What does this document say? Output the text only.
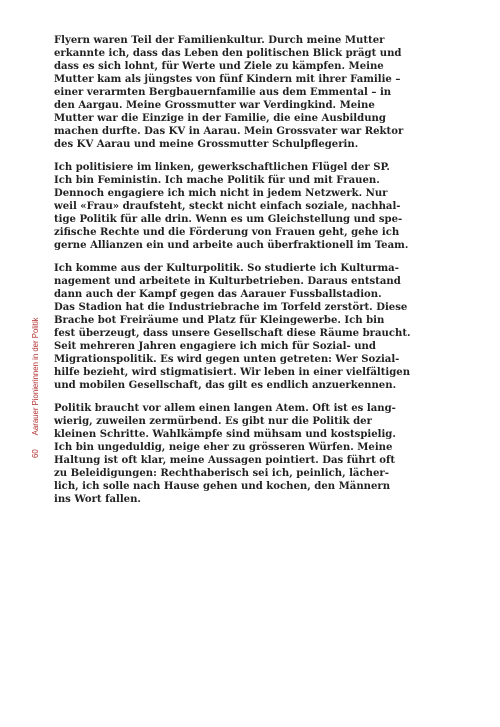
60Aarauer Pionierinnen in der Politik

Flyern waren Teil der Familienkultur. Durch meine Mutter
erkannte ich, dass das Leben den politischen Blick prägt und
dass es sich lohnt, für Werte und Ziele zu kämpfen. Meine
Mutter kam als jüngstes von fünf Kindern mit ihrer Familie –
einer verarmten Bergbauernfamilie aus dem Emmental – in
den Aargau. Meine Grossmutter war Verdingkind. Meine
Mutter war die Einzige in der Familie, die eine Ausbildung
machen durfte. Das KV in Aarau. Mein Grossvater war Rektor
des KV Aarau und meine Grossmutter Schulpflegerin.

Ich politisiere im linken, gewerkschaftlichen Flügel der SP.
Ich bin Feministin. Ich mache Politik für und mit Frauen.
Dennoch engagiere ich mich nicht in jedem Netzwerk. Nur
weil «Frau» draufsteht, steckt nicht einfach soziale, nachhal-
tige Politik für alle drin. Wenn es um Gleichstellung und spe-
zifische Rechte und die Förderung von Frauen geht, gehe ich
gerne Allianzen ein und arbeite auch überfraktionell im Team.

Ich komme aus der Kulturpolitik. So studierte ich Kulturma-
nagement und arbeitete in Kulturbetrieben. Daraus entstand
dann auch der Kampf gegen das Aarauer Fussballstadion.
Das Stadion hat die Industriebrache im Torfeld zerstört. Diese
Brache bot Freiräume und Platz für Kleingewerbe. Ich bin
fest überzeugt, dass unsere Gesellschaft diese Räume braucht.
Seit mehreren Jahren engagiere ich mich für Sozial- und
Migrationspolitik. Es wird gegen unten getreten: Wer Sozial-
hilfe bezieht, wird stigmatisiert. Wir leben in einer vielfältigen
und mobilen Gesellschaft, das gilt es endlich anzuerkennen.

Politik braucht vor allem einen langen Atem. Oft ist es lang-
wierig, zuweilen zermürbend. Es gibt nur die Politik der
kleinen Schritte. Wahlkämpfe sind mühsam und kostspielig.
Ich bin ungeduldig, neige eher zu grösseren Würfen. Meine
Haltung ist oft klar, meine Aussagen pointiert. Das führt oft
zu Beleidigungen: Rechthaberisch sei ich, peinlich, lächer-
lich, ich solle nach Hause gehen und kochen, den Männern
ins Wort fallen.
